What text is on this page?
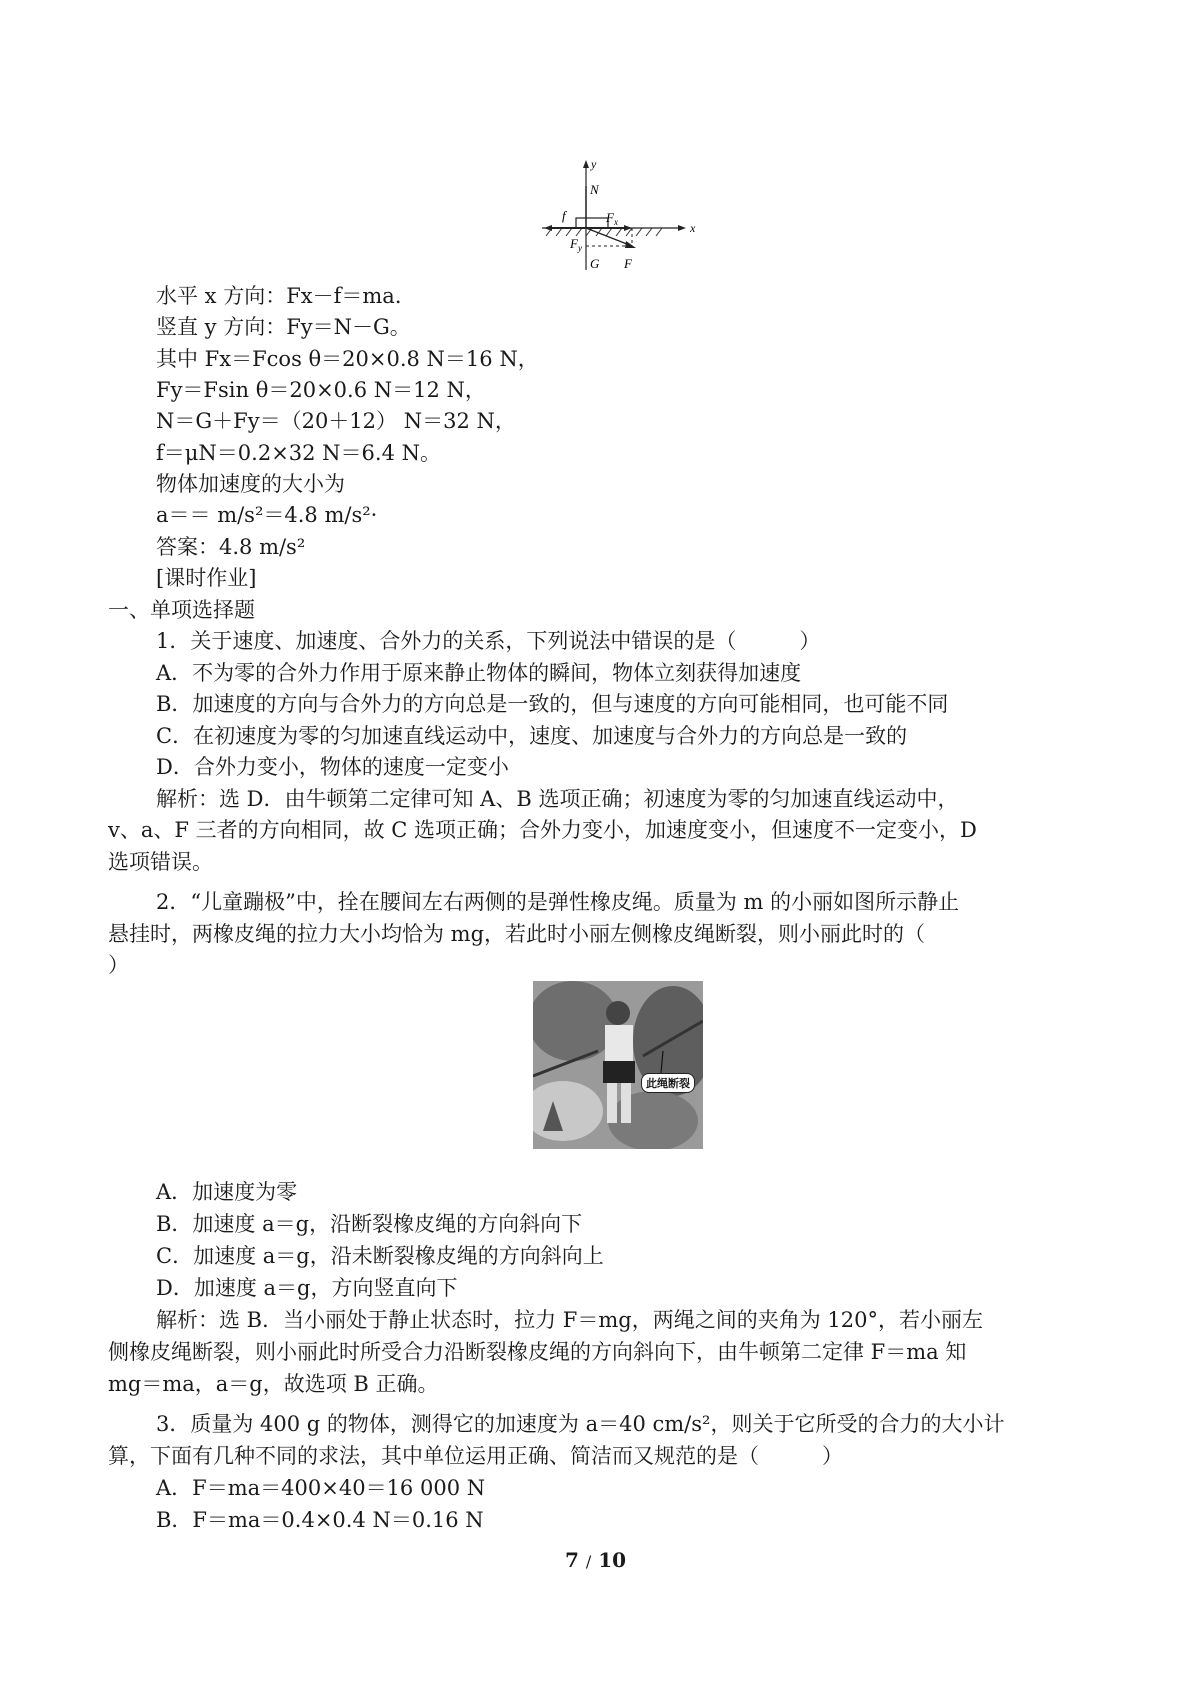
y
x
N
f	F x
F y
G F
水平 x 方向：Fx－f＝ma．
竖直 y 方向：Fy＝N－G。
其中 Fx＝Fcos θ＝20×0.8 N＝16 N，
Fy＝Fsin θ＝20×0.6 N＝12 N，
N＝G＋Fy＝（20＋12） N＝32 N，
f＝μN＝0.2×32 N＝6.4 N。
物体加速度的大小为
a＝＝ m/s²＝4.8 m/s²·
答案：4.8 m/s²
[课时作业]
一、单项选择题
1．关于速度、加速度、合外力的关系，下列说法中错误的是（　　　）
A．不为零的合外力作用于原来静止物体的瞬间，物体立刻获得加速度
B．加速度的方向与合外力的方向总是一致的，但与速度的方向可能相同，也可能不同
C．在初速度为零的匀加速直线运动中，速度、加速度与合外力的方向总是一致的
D．合外力变小，物体的速度一定变小
解析：选 D．由牛顿第二定律可知 A、B 选项正确；初速度为零的匀加速直线运动中，
v、a、F 三者的方向相同，故 C 选项正确；合外力变小，加速度变小，但速度不一定变小，D
选项错误。
2．“儿童蹦极”中，拴在腰间左右两侧的是弹性橡皮绳。质量为 m 的小丽如图所示静止
悬挂时，两橡皮绳的拉力大小均恰为 mg，若此时小丽左侧橡皮绳断裂，则小丽此时的（
）
此绳断裂
A．加速度为零
B．加速度 a＝g，沿断裂橡皮绳的方向斜向下
C．加速度 a＝g，沿未断裂橡皮绳的方向斜向上
D．加速度 a＝g，方向竖直向下
解析：选 B．当小丽处于静止状态时，拉力 F＝mg，两绳之间的夹角为 120°，若小丽左
侧橡皮绳断裂，则小丽此时所受合力沿断裂橡皮绳的方向斜向下，由牛顿第二定律 F＝ma 知
mg＝ma，a＝g，故选项 B 正确。
3．质量为 400 g 的物体，测得它的加速度为 a＝40 cm/s²，则关于它所受的合力的大小计
算，下面有几种不同的求法，其中单位运用正确、简洁而又规范的是（　　　）
A．F＝ma＝400×40＝16 000 N
B．F＝ma＝0.4×0.4 N＝0.16 N
7 / 10
